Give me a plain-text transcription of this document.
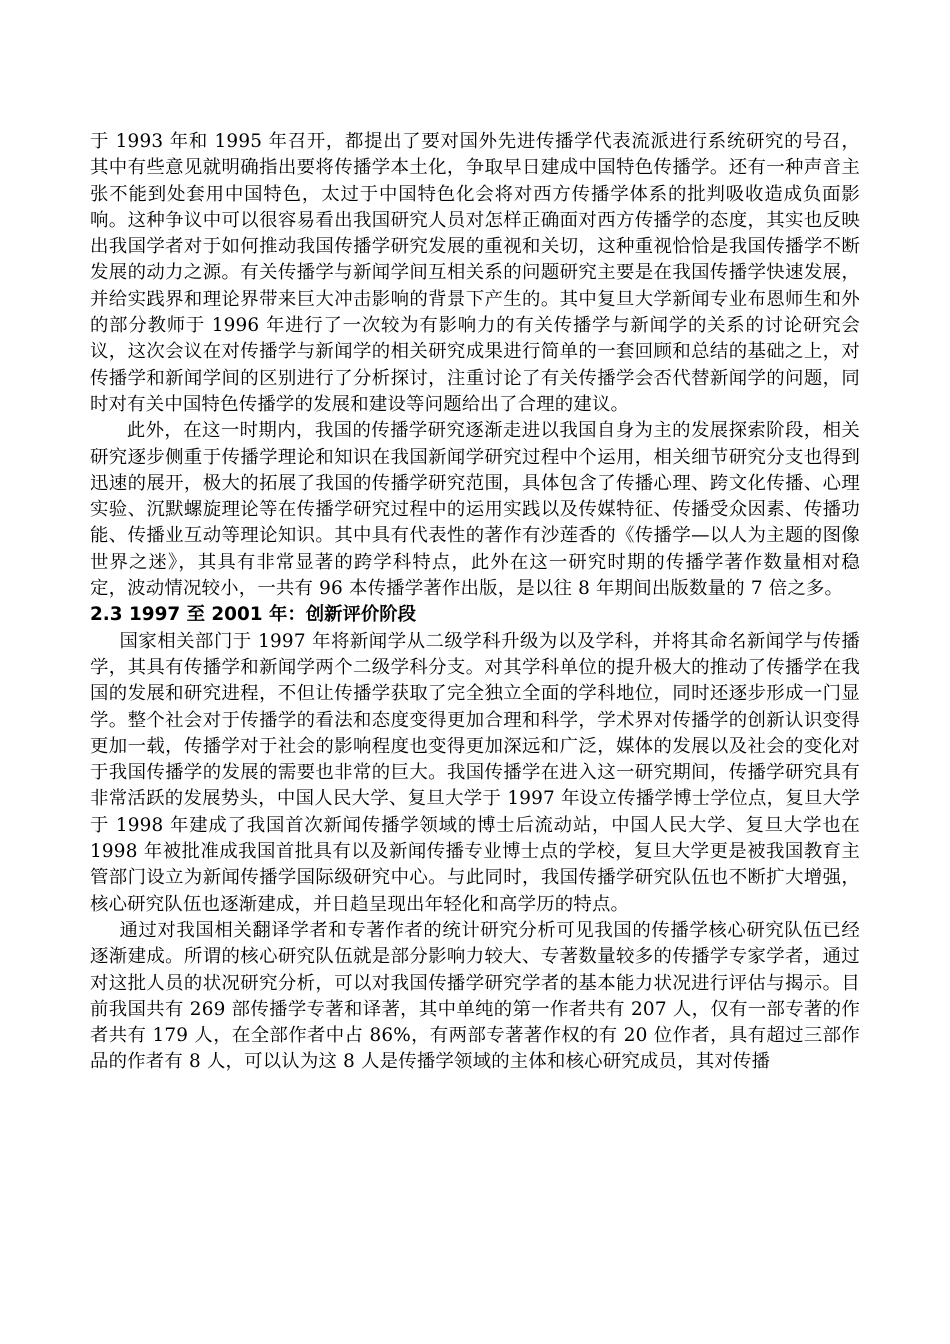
于 1993 年和 1995 年召开，都提出了要对国外先进传播学代表流派进行系统研究的号召，其中有些意见就明确指出要将传播学本土化，争取早日建成中国特色传播学。还有一种声音主张不能到处套用中国特色，太过于中国特色化会将对西方传播学体系的批判吸收造成负面影响。这种争议中可以很容易看出我国研究人员对怎样正确面对西方传播学的态度，其实也反映出我国学者对于如何推动我国传播学研究发展的重视和关切，这种重视恰恰是我国传播学不断发展的动力之源。有关传播学与新闻学间互相关系的问题研究主要是在我国传播学快速发展，并给实践界和理论界带来巨大冲击影响的背景下产生的。其中复旦大学新闻专业布恩师生和外的部分教师于 1996 年进行了一次较为有影响力的有关传播学与新闻学的关系的讨论研究会议，这次会议在对传播学与新闻学的相关研究成果进行简单的一套回顾和总结的基础之上，对传播学和新闻学间的区别进行了分析探讨，注重讨论了有关传播学会否代替新闻学的问题，同时对有关中国特色传播学的发展和建设等问题给出了合理的建议。

此外，在这一时期内，我国的传播学研究逐渐走进以我国自身为主的发展探索阶段，相关研究逐步侧重于传播学理论和知识在我国新闻学研究过程中个运用，相关细节研究分支也得到迅速的展开，极大的拓展了我国的传播学研究范围，具体包含了传播心理、跨文化传播、心理实验、沉默螺旋理论等在传播学研究过程中的运用实践以及传媒特征、传播受众因素、传播功能、传播业互动等理论知识。其中具有代表性的著作有沙莲香的《传播学—以人为主题的图像世界之迷》，其具有非常显著的跨学科特点，此外在这一研究时期的传播学著作数量相对稳定，波动情况较小，一共有 96 本传播学著作出版，是以往 8 年期间出版数量的 7 倍之多。

2.3 1997 至 2001 年：创新评价阶段

国家相关部门于 1997 年将新闻学从二级学科升级为以及学科，并将其命名新闻学与传播学，其具有传播学和新闻学两个二级学科分支。对其学科单位的提升极大的推动了传播学在我国的发展和研究进程，不但让传播学获取了完全独立全面的学科地位，同时还逐步形成一门显学。整个社会对于传播学的看法和态度变得更加合理和科学，学术界对传播学的创新认识变得更加一载，传播学对于社会的影响程度也变得更加深远和广泛，媒体的发展以及社会的变化对于我国传播学的发展的需要也非常的巨大。我国传播学在进入这一研究期间，传播学研究具有非常活跃的发展势头，中国人民大学、复旦大学于 1997 年设立传播学博士学位点，复旦大学于 1998 年建成了我国首次新闻传播学领域的博士后流动站，中国人民大学、复旦大学也在 1998 年被批准成我国首批具有以及新闻传播专业博士点的学校，复旦大学更是被我国教育主管部门设立为新闻传播学国际级研究中心。与此同时，我国传播学研究队伍也不断扩大增强，核心研究队伍也逐渐建成，并日趋呈现出年轻化和高学历的特点。

通过对我国相关翻译学者和专著作者的统计研究分析可见我国的传播学核心研究队伍已经逐渐建成。所谓的核心研究队伍就是部分影响力较大、专著数量较多的传播学专家学者，通过对这批人员的状况研究分析，可以对我国传播学研究学者的基本能力状况进行评估与揭示。目前我国共有 269 部传播学专著和译著，其中单纯的第一作者共有 207 人，仅有一部专著的作者共有 179 人，在全部作者中占 86%，有两部专著著作权的有 20 位作者，具有超过三部作品的作者有 8 人，可以认为这 8 人是传播学领域的主体和核心研究成员，其对传播
